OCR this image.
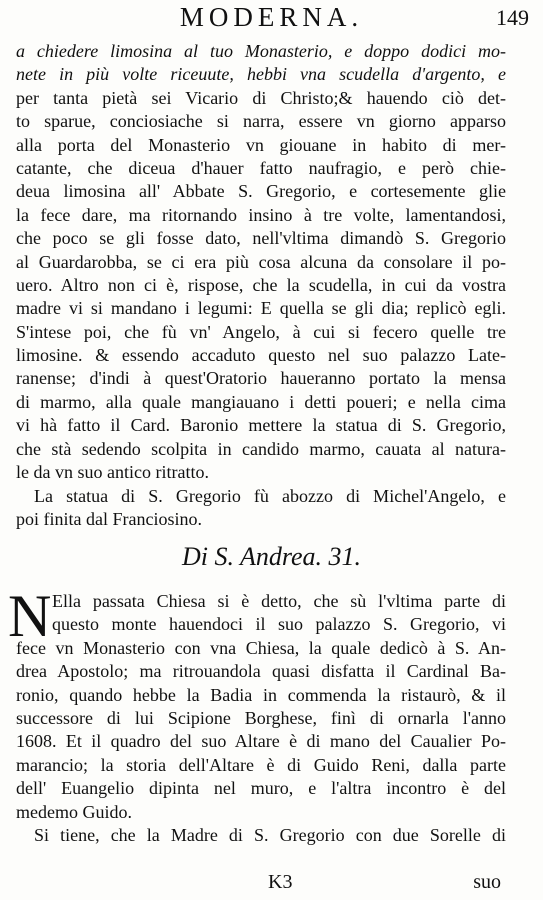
MODERNA.	149
a chiedere limosina al tuo Monasterio, e doppo dodici mo-
nete in più volte riceuute, hebbi vna scudella d'argento, e
per tanta pietà sei Vicario di Christo;& hauendo ciò det-
to sparue, conciosiache si narra, essere vn giorno apparso
alla porta del Monasterio vn giouane in habito di mer-
catante, che diceua d'hauer fatto naufragio, e però chie-
deua limosina all' Abbate S. Gregorio, e cortesemente glie
la fece dare, ma ritornando insino à tre volte, lamentandosi,
che poco se gli fosse dato, nell'vltima dimandò S. Gregorio
al Guardarobba, se ci era più cosa alcuna da consolare il po-
uero. Altro non ci è, rispose, che la scudella, in cui da vostra
madre vi si mandano i legumi: E quella se gli dia; replicò egli.
S'intese poi, che fù vn' Angelo, à cui si fecero quelle tre
limosine. & essendo accaduto questo nel suo palazzo Late-
ranense; d'indi à quest'Oratorio haueranno portato la mensa
di marmo, alla quale mangiauano i detti poueri; e nella cima
vi hà fatto il Card. Baronio mettere la statua di S. Gregorio,
che stà sedendo scolpita in candido marmo, cauata al natura-
le da vn suo antico ritratto.
La statua di S. Gregorio fù abozzo di Michel'Angelo, e
poi finita dal Franciosino.
Di S. Andrea. 31.
N Ella passata Chiesa si è detto, che sù l'vltima parte di
questo monte hauendoci il suo palazzo S. Gregorio, vi
fece vn Monasterio con vna Chiesa, la quale dedicò à S. An-
drea Apostolo; ma ritrouandola quasi disfatta il Cardinal Ba-
ronio, quando hebbe la Badia in commenda la ristaurò, & il
successore di lui Scipione Borghese, finì di ornarla l'anno
1608. Et il quadro del suo Altare è di mano del Caualier Po-
marancio; la storia dell'Altare è di Guido Reni, dalla parte
dell' Euangelio dipinta nel muro, e l'altra incontro è del
medemo Guido.
Si tiene, che la Madre di S. Gregorio con due Sorelle di
K3	suo
